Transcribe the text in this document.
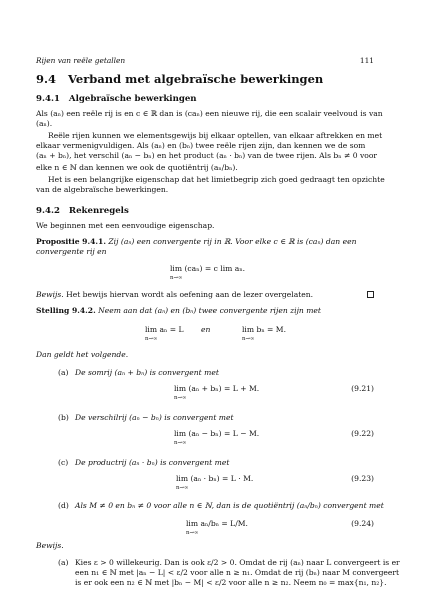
Rijen van reële getallen	111
9.4 Verband met algebraïsche bewerkingen
9.4.1 Algebraïsche bewerkingen
Als (aₙ) een reële rij is en c ∈ ℝ dan is (caₙ) een nieuwe rij, die een scalair veelvoud is van
(aₙ).
Reële rijen kunnen we elementsgewijs bij elkaar optellen, van elkaar aftrekken en met
elkaar vermenigvuldigen. Als (aₙ) en (bₙ) twee reële rijen zijn, dan kennen we de som
(aₙ + bₙ), het verschil (aₙ − bₙ) en het product (aₙ · bₙ) van de twee rijen. Als bₙ ≠ 0 voor
elke n ∈ ℕ dan kennen we ook de quotiëntrij (aₙ/bₙ).
Het is een belangrijke eigenschap dat het limietbegrip zich goed gedraagt ten opzichte
van de algebraïsche bewerkingen.
9.4.2 Rekenregels
We beginnen met een eenvoudige eigenschap.
Propositie 9.4.1. Zij (aₙ) een convergente rij in ℝ. Voor elke c ∈ ℝ is (caₙ) dan een
convergente rij en
lim (caₙ) = c lim aₙ.
n→∞
Bewijs. Het bewijs hiervan wordt als oefening aan de lezer overgelaten.
Stelling 9.4.2. Neem aan dat (aₙ) en (bₙ) twee convergente rijen zijn met
lim aₙ = L
n→∞
en	lim bₙ = M.
n→∞
Dan geldt het volgende.
(a) De somrij (aₙ + bₙ) is convergent met
lim (aₙ + bₙ) = L + M.
n→∞
(9.21)
(b) De verschilrij (aₙ − bₙ) is convergent met
lim (aₙ − bₙ) = L − M.
n→∞
(9.22)
(c) De productrij (aₙ · bₙ) is convergent met
lim (aₙ · bₙ) = L · M.
n→∞
(9.23)
(d) Als M ≠ 0 en bₙ ≠ 0 voor alle n ∈ ℕ, dan is de quotiëntrij (aₙ/bₙ) convergent met
lim aₙ/bₙ = L/M.
n→∞
(9.24)
Bewijs.
(a) Kies ε > 0 willekeurig. Dan is ook ε/2 > 0. Omdat de rij (aₙ) naar L convergeert is er
een n₁ ∈ ℕ met |aₙ − L| < ε/2 voor alle n ≥ n₁. Omdat de rij (bₙ) naar M convergeert
is er ook een n₂ ∈ ℕ met |bₙ − M| < ε/2 voor alle n ≥ n₂. Neem n₀ = max{n₁, n₂}.
